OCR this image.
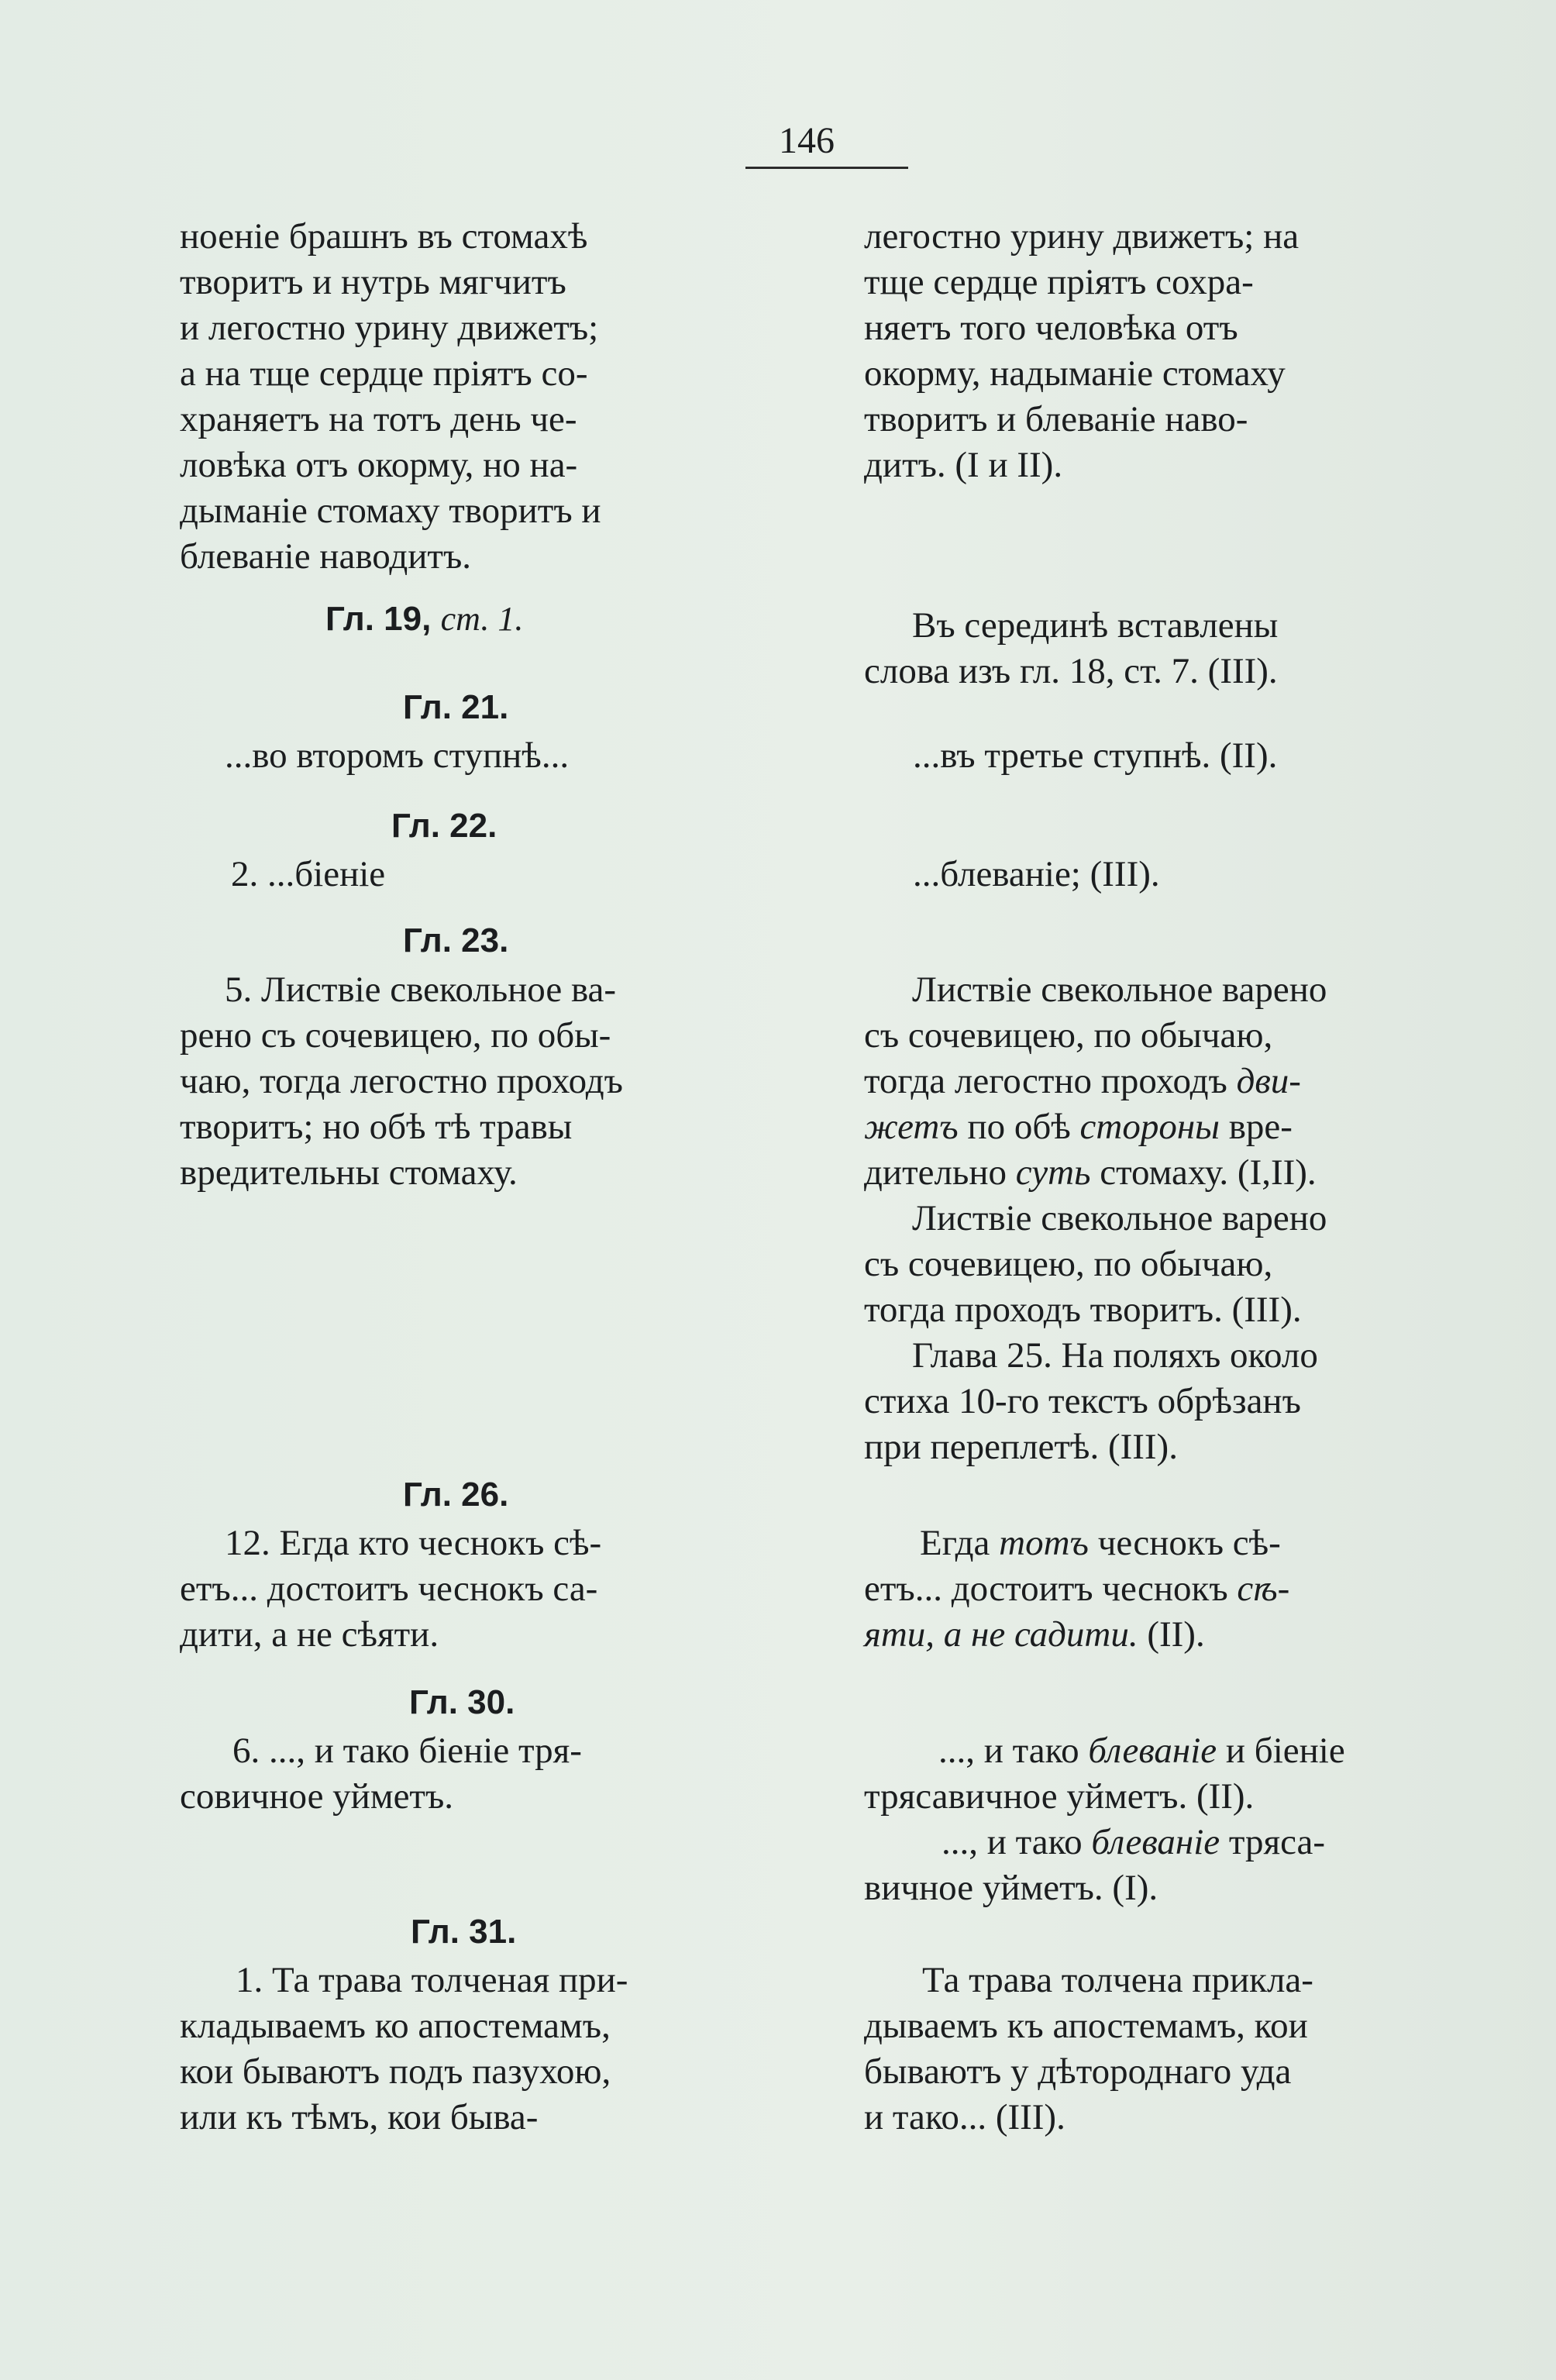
146

ноеніе брашнъ въ стомахѣ
творитъ и нутрь мягчитъ
и легостно урину движетъ;
а на тще сердце пріятъ со-
храняетъ на тотъ день че-
ловѣка отъ окорму, но на-
дыманіе стомаху творитъ и
блеваніе наводитъ.

Гл. 19, ст. 1.
Гл. 21.

...во второмъ ступнѣ...

Гл. 22.

2. ...біеніе

Гл. 23.

5. Листвіе свекольное ва-
рено съ сочевицею, по обы-
чаю, тогда легостно проходъ
творитъ; но обѣ тѣ травы
вредительны стомаху.

Гл. 26.

12. Егда кто чеснокъ сѣ-
етъ... достоитъ чеснокъ са-
дити, а не сѣяти.

Гл. 30.

6. ..., и тако біеніе тря-
совичное уйметъ.

Гл. 31.

1. Та трава толченая при-
кладываемъ ко апостемамъ,
кои бываютъ подъ пазухою,
или къ тѣмъ, кои быва-

легостно урину движетъ; на
тще сердце пріятъ сохра-
няетъ того человѣка отъ
окорму, надыманіе стомаху
творитъ и блеваніе наво-
дитъ. (I и II).

Въ серединѣ вставлены
слова изъ гл. 18, ст. 7. (III).

...въ третье ступнѣ. (II).

...блеваніе; (III).

Листвіе свекольное варено
съ сочевицею, по обычаю,
тогда легостно проходъ дви-
жетъ по обѣ стороны вре-
дительно суть стомаху. (I,II).

Листвіе свекольное варено
съ сочевицею, по обычаю,
тогда проходъ творитъ. (III).

Глава 25. На поляхъ около
стиха 10-го текстъ обрѣзанъ
при переплетѣ. (III).

Егда тотъ чеснокъ сѣ-
етъ... достоитъ чеснокъ сѣ-
яти, а не садити. (II).

..., и тако блеваніе и біеніе
трясавичное уйметъ. (II).

..., и тако блеваніе тряса-
вичное уйметъ. (I).

Та трава толчена прикла-
дываемъ къ апостемамъ, кои
бываютъ у дѣтороднаго уда
и тако... (III).
